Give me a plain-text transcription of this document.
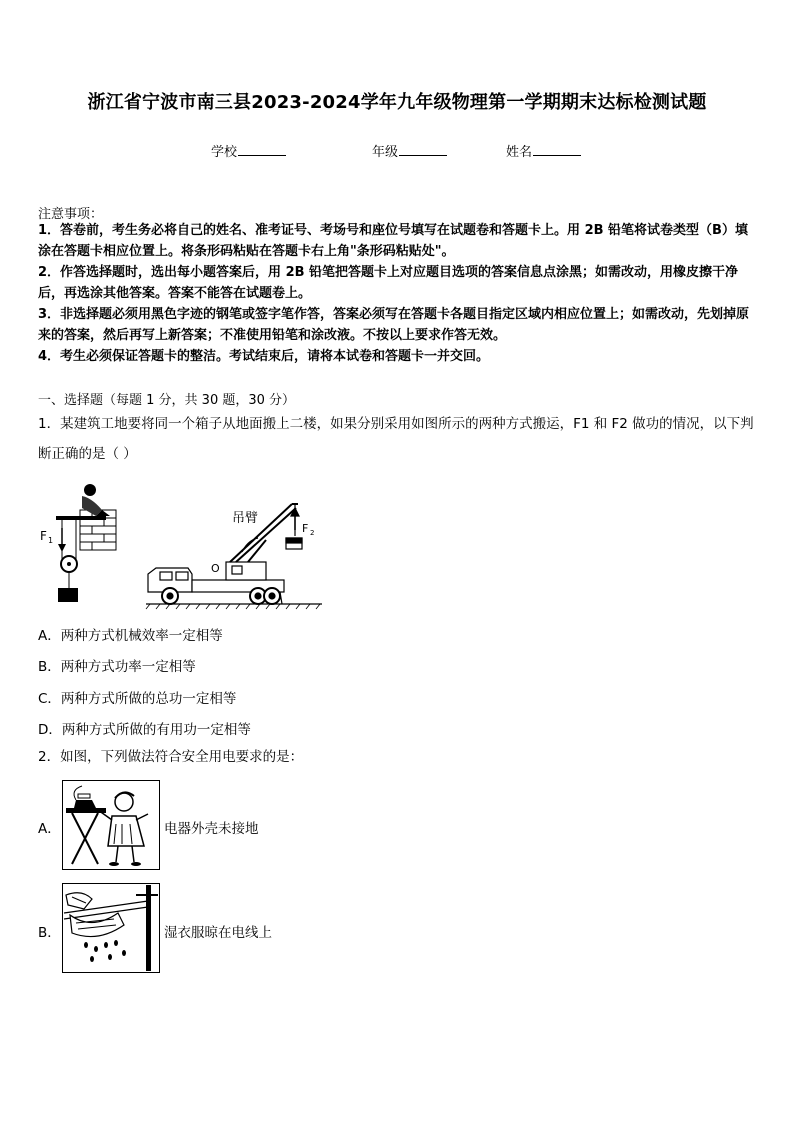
浙江省宁波市南三县2023-2024学年九年级物理第一学期期末达标检测试题
学校	年级	姓名
注意事项：
1．答卷前，考生务必将自己的姓名、准考证号、考场号和座位号填写在试题卷和答题卡上。用 2B 铅笔将试卷类型（B）填涂在答题卡相应位置上。将条形码粘贴在答题卡右上角"条形码粘贴处"。
2．作答选择题时，选出每小题答案后，用 2B 铅笔把答题卡上对应题目选项的答案信息点涂黑；如需改动，用橡皮擦干净后，再选涂其他答案。答案不能答在试题卷上。
3．非选择题必须用黑色字迹的钢笔或签字笔作答，答案必须写在答题卡各题目指定区域内相应位置上；如需改动，先划掉原来的答案，然后再写上新答案；不准使用铅笔和涂改液。不按以上要求作答无效。
4．考生必须保证答题卡的整洁。考试结束后，请将本试卷和答题卡一并交回。
一、选择题（每题 1 分，共 30 题，30 分）
1．某建筑工地要将同一个箱子从地面搬上二楼，如果分别采用如图所示的两种方式搬运，F1 和 F2 做功的情况，以下判断正确的是（ ）
F 1
吊臂
O
F 2
A．两种方式机械效率一定相等
B．两种方式功率一定相等
C．两种方式所做的总功一定相等
D．两种方式所做的有用功一定相等
2．如图，下列做法符合安全用电要求的是：
A．	电器外壳未接地
B．	湿衣服晾在电线上
